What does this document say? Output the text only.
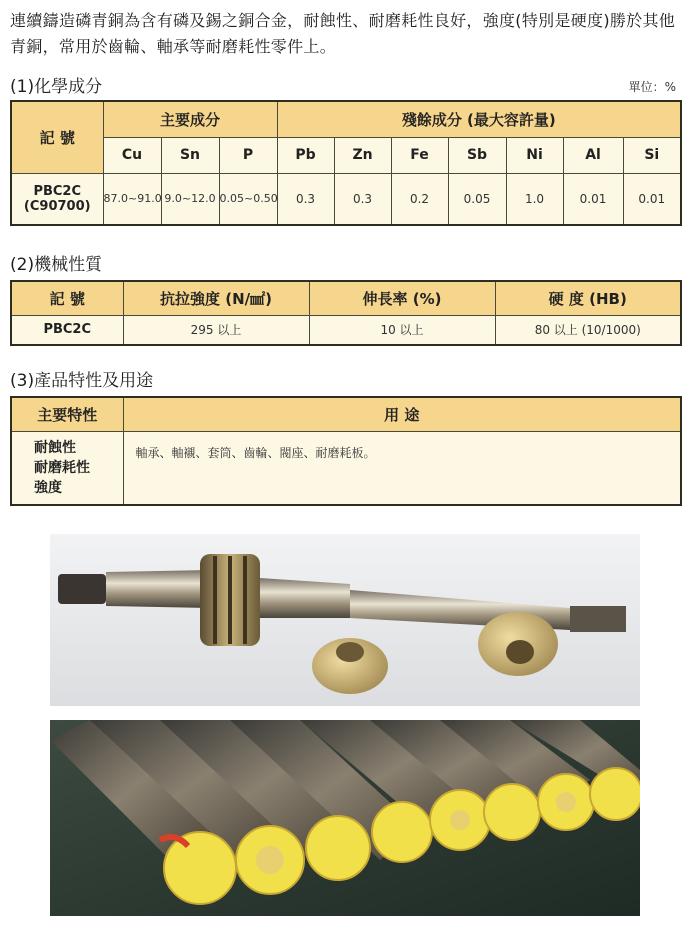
連續鑄造磷青銅為含有磷及錫之銅合金，耐蝕性、耐磨耗性良好，強度(特別是硬度)勝於其他青銅，常用於齒輪、軸承等耐磨耗性零件上。
(1)化學成分	單位：%
記 號	主要成分			殘餘成分 (最大容許量)						
	Cu	Sn	P	Pb	Zn	Fe	Sb	Ni	Al	Si

PBC2C
(C90700)	87.0~91.0	9.0~12.0	0.05~0.50	0.3	0.3	0.2	0.05	1.0	0.01	0.01
(2)機械性質
記 號	抗拉強度 (N/㎟)	伸長率 (%)	硬 度 (HB)
PBC2C	295 以上	10 以上	80 以上 (10/1000)
(3)產品特性及用途
主要特性	用 途

耐蝕性
耐磨耗性
強度	軸承、軸襯、套筒、齒輪、閥座、耐磨耗板。
